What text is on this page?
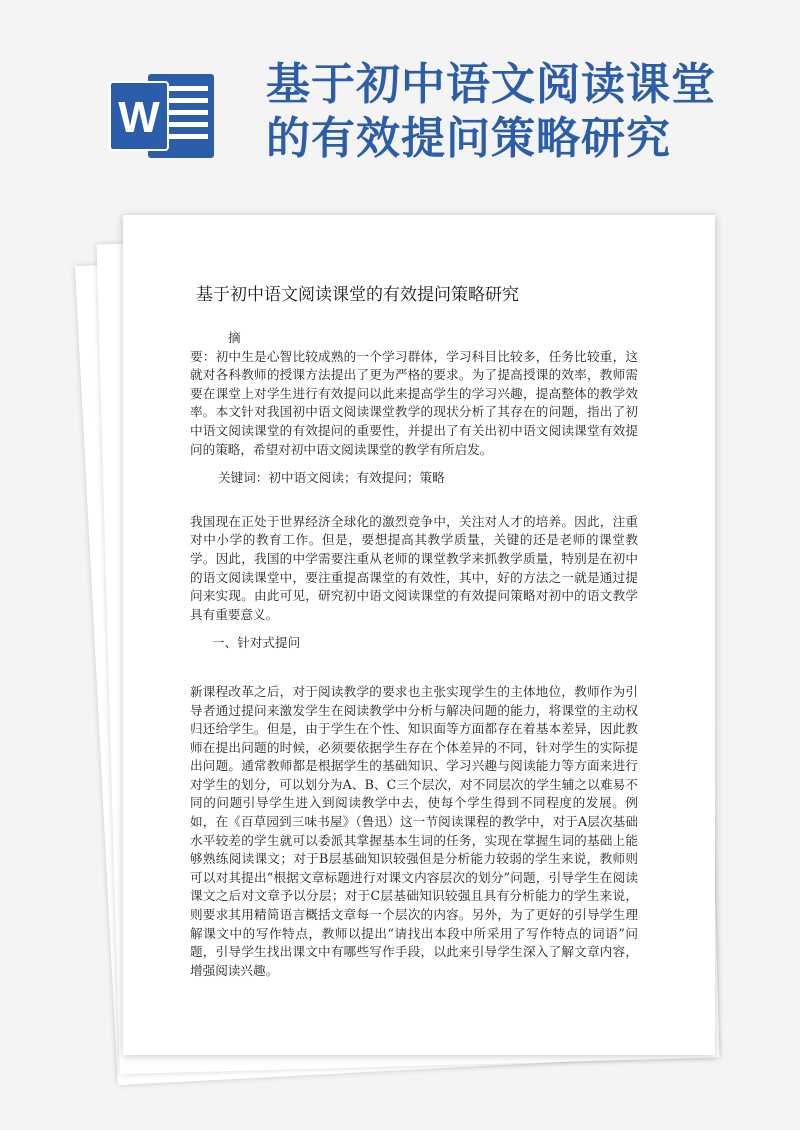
W
基于初中语文阅读课堂
的有效提问策略研究
基于初中语文阅读课堂的有效提问策略研究
摘
要：初中生是心智比较成熟的一个学习群体，学习科目比较多，任务比较重，这就对各科教师的授课方法提出了更为严格的要求。为了提高授课的效率，教师需要在课堂上对学生进行有效提问以此来提高学生的学习兴趣，提高整体的教学效率。本文针对我国初中语文阅读课堂教学的现状分析了其存在的问题，指出了初中语文阅读课堂的有效提问的重要性，并提出了有关出初中语文阅读课堂有效提问的策略，希望对初中语文阅读课堂的教学有所启发。
关键词：初中语文阅读；有效提问；策略
我国现在正处于世界经济全球化的激烈竞争中，关注对人才的培养。因此，注重对中小学的教育工作。但是，要想提高其教学质量，关键的还是老师的课堂教学。因此，我国的中学需要注重从老师的课堂教学来抓教学质量，特别是在初中的语文阅读课堂中，要注重提高课堂的有效性，其中，好的方法之一就是通过提问来实现。由此可见，研究初中语文阅读课堂的有效提问策略对初中的语文教学具有重要意义。
一、针对式提问
新课程改革之后，对于阅读教学的要求也主张实现学生的主体地位，教师作为引导者通过提问来激发学生在阅读教学中分析与解决问题的能力，将课堂的主动权归还给学生。但是，由于学生在个性、知识面等方面都存在着基本差异，因此教师在提出问题的时候，必须要依据学生存在个体差异的不同，针对学生的实际提出问题。通常教师都是根据学生的基础知识、学习兴趣与阅读能力等方面来进行对学生的划分，可以划分为A、B、C三个层次，对不同层次的学生辅之以难易不同的问题引导学生进入到阅读教学中去，使每个学生得到不同程度的发展。例如，在《百草园到三味书屋》（鲁迅）这一节阅读课程的教学中，对于A层次基础水平较差的学生就可以委派其掌握基本生词的任务，实现在掌握生词的基础上能够熟练阅读课文；对于B层基础知识较强但是分析能力较弱的学生来说，教师则可以对其提出“根据文章标题进行对课文内容层次的划分”问题，引导学生在阅读课文之后对文章予以分层；对于C层基础知识较强且具有分析能力的学生来说，则要求其用精简语言概括文章每一个层次的内容。另外，为了更好的引导学生理解课文中的写作特点，教师以提出“请找出本段中所采用了写作特点的词语”问题，引导学生找出课文中有哪些写作手段，以此来引导学生深入了解文章内容，增强阅读兴趣。
